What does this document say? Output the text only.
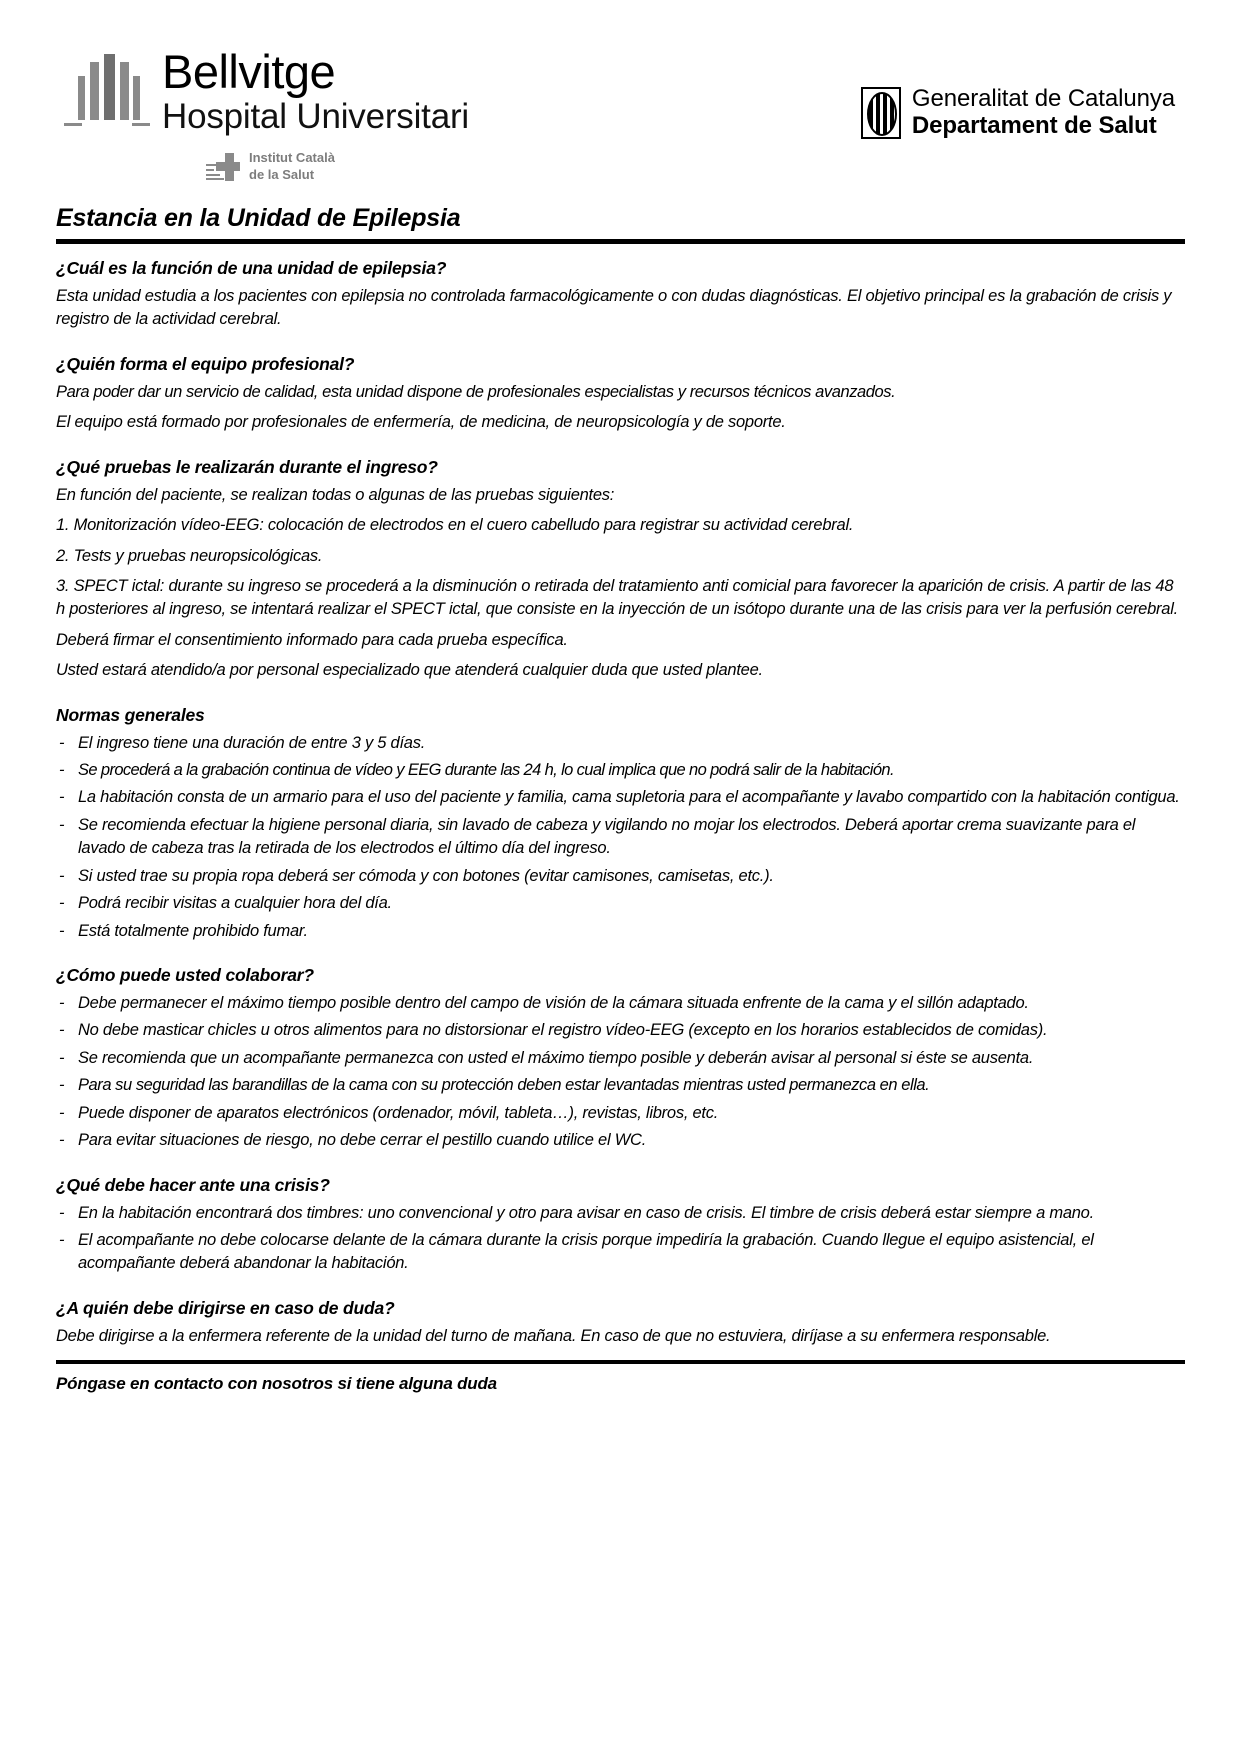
Bellvitge
Hospital Universitari
Institut Català
de la Salut
Generalitat de Catalunya
Departament de Salut
Estancia en la Unidad de Epilepsia
¿Cuál es la función de una unidad de epilepsia?

Esta unidad estudia a los pacientes con epilepsia no controlada farmacológicamente o con dudas diagnósticas. El objetivo principal es la grabación de crisis y registro de la actividad cerebral.

¿Quién forma el equipo profesional?

Para poder dar un servicio de calidad, esta unidad dispone de profesionales especialistas y recursos técnicos avanzados.

El equipo está formado por profesionales de enfermería, de medicina, de neuropsicología y de soporte.

¿Qué pruebas le realizarán durante el ingreso?

En función del paciente, se realizan todas o algunas de las pruebas siguientes:

1. Monitorización vídeo-EEG: colocación de electrodos en el cuero cabelludo para registrar su actividad cerebral.

2. Tests y pruebas neuropsicológicas.

3. SPECT ictal: durante su ingreso se procederá a la disminución o retirada del tratamiento anti comicial para favorecer la aparición de crisis. A partir de las 48 h posteriores al ingreso, se intentará realizar el SPECT ictal, que consiste en la inyección de un isótopo durante una de las crisis para ver la perfusión cerebral.

Deberá firmar el consentimiento informado para cada prueba específica.

Usted estará atendido/a por personal especializado que atenderá cualquier duda que usted plantee.

Normas generales
- El ingreso tiene una duración de entre 3 y 5 días.
- Se procederá a la grabación continua de vídeo y EEG durante las 24 h, lo cual implica que no podrá salir de la habitación.
- La habitación consta de un armario para el uso del paciente y familia, cama supletoria para el acompañante y lavabo compartido con la habitación contigua.
- Se recomienda efectuar la higiene personal diaria, sin lavado de cabeza y vigilando no mojar los electrodos. Deberá aportar crema suavizante para el lavado de cabeza tras la retirada de los electrodos el último día del ingreso.
- Si usted trae su propia ropa deberá ser cómoda y con botones (evitar camisones, camisetas, etc.).
- Podrá recibir visitas a cualquier hora del día.
- Está totalmente prohibido fumar.
¿Cómo puede usted colaborar?
- Debe permanecer el máximo tiempo posible dentro del campo de visión de la cámara situada enfrente de la cama y el sillón adaptado.
- No debe masticar chicles u otros alimentos para no distorsionar el registro vídeo-EEG (excepto en los horarios establecidos de comidas).
- Se recomienda que un acompañante permanezca con usted el máximo tiempo posible y deberán avisar al personal si éste se ausenta.
- Para su seguridad las barandillas de la cama con su protección deben estar levantadas mientras usted permanezca en ella.
- Puede disponer de aparatos electrónicos (ordenador, móvil, tableta…), revistas, libros, etc.
- Para evitar situaciones de riesgo, no debe cerrar el pestillo cuando utilice el WC.
¿Qué debe hacer ante una crisis?
- En la habitación encontrará dos timbres: uno convencional y otro para avisar en caso de crisis. El timbre de crisis deberá estar siempre a mano.
- El acompañante no debe colocarse delante de la cámara durante la crisis porque impediría la grabación. Cuando llegue el equipo asistencial, el acompañante deberá abandonar la habitación.
¿A quién debe dirigirse en caso de duda?

Debe dirigirse a la enfermera referente de la unidad del turno de mañana. En caso de que no estuviera, diríjase a su enfermera responsable.

Póngase en contacto con nosotros si tiene alguna duda
